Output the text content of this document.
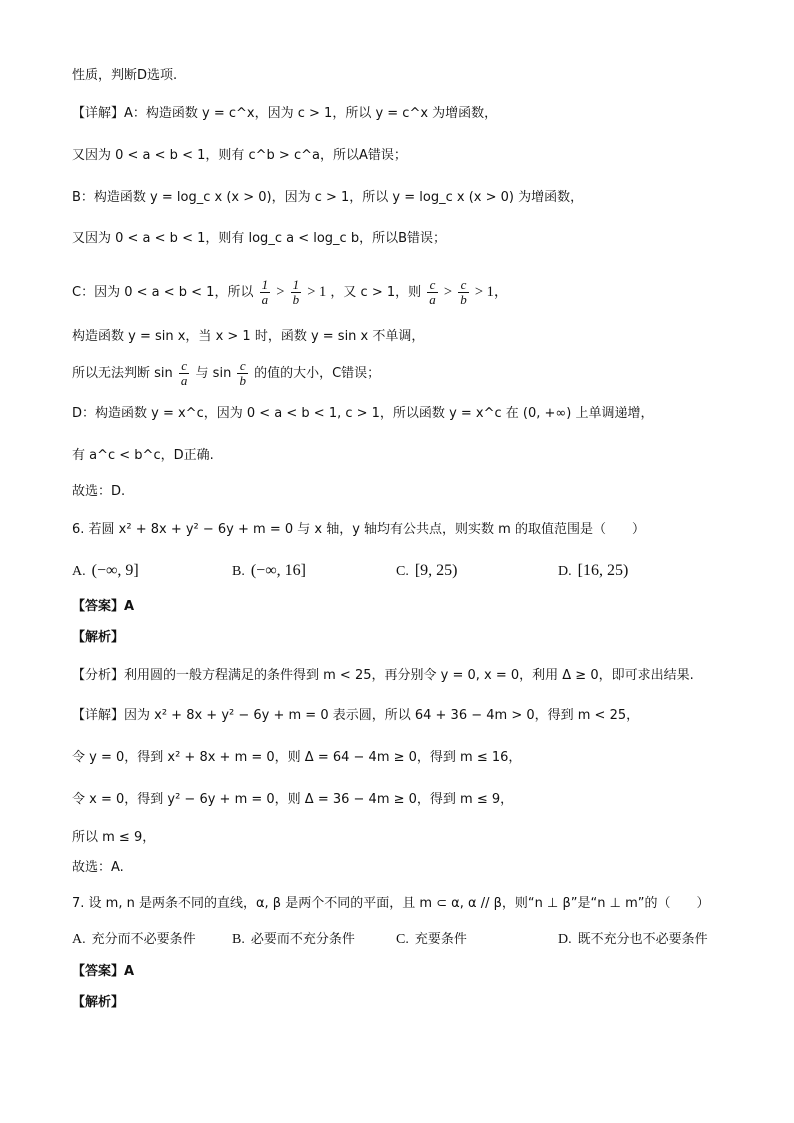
性质，判断D选项.
【详解】A：构造函数 y = c^x，因为 c > 1，所以 y = c^x 为增函数，
又因为 0 < a < b < 1，则有 c^b > c^a，所以A错误；
B：构造函数 y = log_c x (x > 0)，因为 c > 1，所以 y = log_c x (x > 0) 为增函数，
又因为 0 < a < b < 1，则有 log_c a < log_c b，所以B错误；
C：因为 0 < a < b < 1，所以 $\frac{1}{a} > \frac{1}{b} > 1$ ，又 c > 1，则 $\frac{c}{a} > \frac{c}{b} > 1$，
构造函数 y = sin x，当 x > 1 时，函数 y = sin x 不单调，
所以无法判断 $\sin \frac{c}{a}$ 与 $\sin \frac{c}{b}$ 的值的大小，C错误；
D：构造函数 y = x^c，因为 0 < a < b < 1, c > 1，所以函数 y = x^c 在 (0, +∞) 上单调递增，
有 a^c < b^c，D正确.
故选：D.
6. 若圆 x² + 8x + y² − 6y + m = 0 与 x 轴，y 轴均有公共点，则实数 m 的取值范围是（　　）
A. (−∞, 9]	B. (−∞, 16]	C. [9, 25)	D. [16, 25)
【答案】A
【解析】
【分析】利用圆的一般方程满足的条件得到 m < 25，再分别令 y = 0, x = 0，利用 Δ ≥ 0，即可求出结果.
【详解】因为 x² + 8x + y² − 6y + m = 0 表示圆，所以 64 + 36 − 4m > 0，得到 m < 25，
令 y = 0，得到 x² + 8x + m = 0，则 Δ = 64 − 4m ≥ 0，得到 m ≤ 16，
令 x = 0，得到 y² − 6y + m = 0，则 Δ = 36 − 4m ≥ 0，得到 m ≤ 9，
所以 m ≤ 9，
故选：A.
7. 设 m, n 是两条不同的直线，α, β 是两个不同的平面，且 m ⊂ α, α // β，则“n ⊥ β”是“n ⊥ m”的（　　）
A. 充分而不必要条件	B. 必要而不充分条件	C. 充要条件	D. 既不充分也不必要条件
【答案】A
【解析】
